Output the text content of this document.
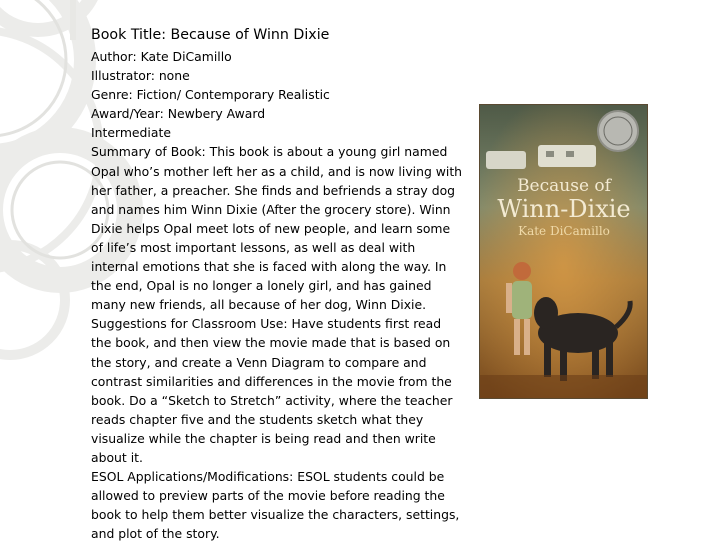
Book Title: Because of Winn Dixie

Author: Kate DiCamillo

Illustrator: none

Genre: Fiction/ Contemporary Realistic

Award/Year: Newbery Award

Intermediate

Summary of Book: This book is about a young girl named Opal who’s mother left her as a child, and is now living with her father, a preacher. She finds and befriends a stray dog and names him Winn Dixie (After the grocery store). Winn Dixie helps Opal meet lots of new people, and learn some of life’s most important lessons, as well as deal with internal emotions that she is faced with along the way. In the end, Opal is no longer a lonely girl, and has gained many new friends, all because of her dog, Winn Dixie.

Suggestions for Classroom Use: Have students first read the book, and then view the movie made that is based on the story, and create a Venn Diagram to compare and contrast similarities and differences in the movie from the book. Do a “Sketch to Stretch” activity, where the teacher reads chapter five and the students sketch what they visualize while the chapter is being read and then write about it.

ESOL Applications/Modifications: ESOL students could be allowed to preview parts of the movie before reading the book to help them better visualize the characters, settings, and plot of the story.

Because of
Winn-Dixie
Kate DiCamillo
